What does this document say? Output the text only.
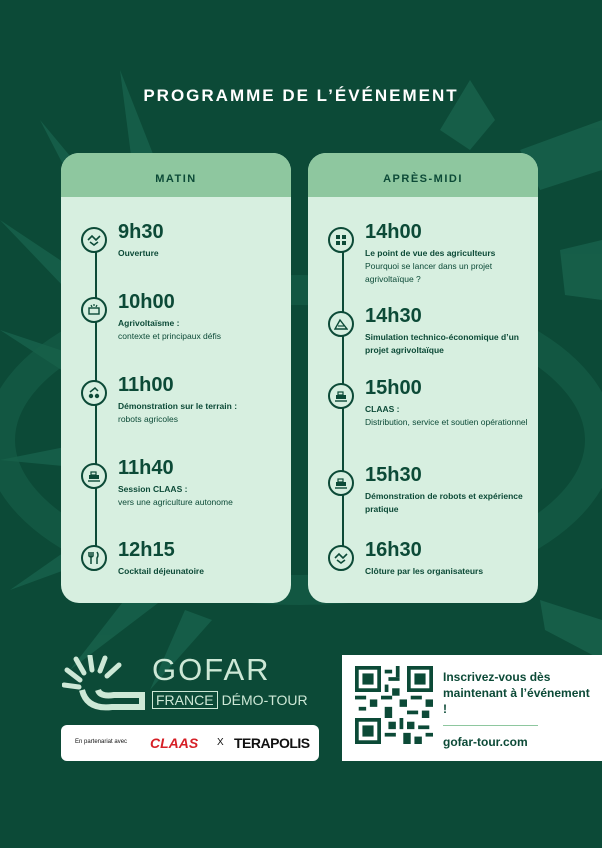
PROGRAMME DE L’ÉVÉNEMENT
MATIN
9h30
Ouverture
10h00
Agrivoltaïsme :
contexte et principaux défis
11h00
Démonstration sur le terrain :
robots agricoles
11h40
Session CLAAS :
vers une agriculture autonome
12h15
Cocktail déjeunatoire
APRÈS-MIDI
14h00
Le point de vue des agriculteurs
Pourquoi se lancer dans un projet agrivoltaïque ?
14h30
Simulation technico-économique d’un projet agrivoltaïque
15h00
CLAAS :
Distribution, service et soutien opérationnel
15h30
Démonstration de robots et expérience pratique
16h30
Clôture par les organisateurs
GOFAR
FRANCE DÉMO-TOUR
En partenariat avec CLAAS X TERAPOLIS
Inscrivez-vous dès maintenant à l’événement !
gofar-tour.com
